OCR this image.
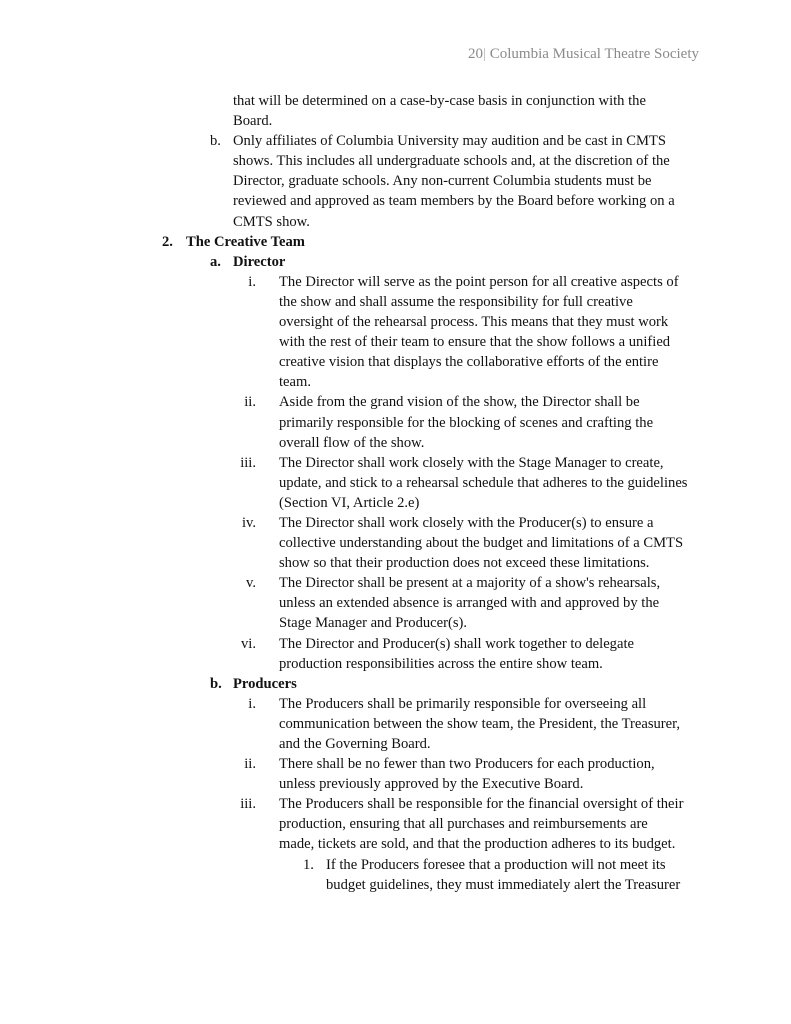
20| Columbia Musical Theatre Society
that will be determined on a case-by-case basis in conjunction with the
Board.
b. Only affiliates of Columbia University may audition and be cast in CMTS
shows. This includes all undergraduate schools and, at the discretion of the
Director, graduate schools. Any non-current Columbia students must be
reviewed and approved as team members by the Board before working on a
CMTS show.
2. The Creative Team
a. Director
i. The Director will serve as the point person for all creative aspects of
the show and shall assume the responsibility for full creative
oversight of the rehearsal process. This means that they must work
with the rest of their team to ensure that the show follows a unified
creative vision that displays the collaborative efforts of the entire
team.
ii. Aside from the grand vision of the show, the Director shall be
primarily responsible for the blocking of scenes and crafting the
overall flow of the show.
iii. The Director shall work closely with the Stage Manager to create,
update, and stick to a rehearsal schedule that adheres to the guidelines
(Section VI, Article 2.e)
iv. The Director shall work closely with the Producer(s) to ensure a
collective understanding about the budget and limitations of a CMTS
show so that their production does not exceed these limitations.
v. The Director shall be present at a majority of a show's rehearsals,
unless an extended absence is arranged with and approved by the
Stage Manager and Producer(s).
vi. The Director and Producer(s) shall work together to delegate
production responsibilities across the entire show team.
b. Producers
i. The Producers shall be primarily responsible for overseeing all
communication between the show team, the President, the Treasurer,
and the Governing Board.
ii. There shall be no fewer than two Producers for each production,
unless previously approved by the Executive Board.
iii. The Producers shall be responsible for the financial oversight of their
production, ensuring that all purchases and reimbursements are
made, tickets are sold, and that the production adheres to its budget.
1. If the Producers foresee that a production will not meet its
budget guidelines, they must immediately alert the Treasurer
